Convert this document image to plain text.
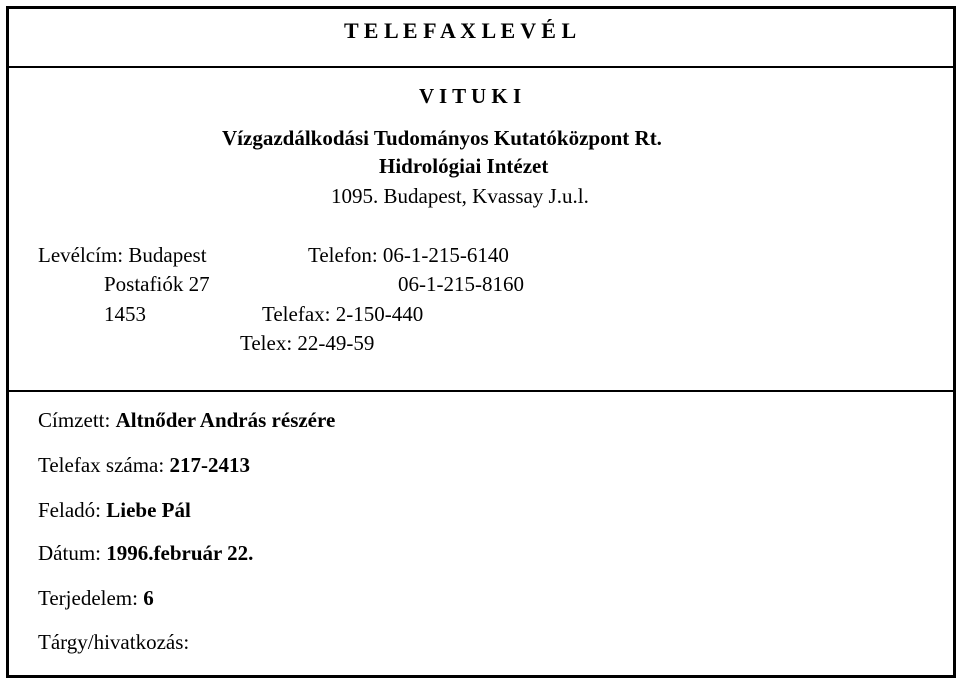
T E L E F A X L E V É L
V I T U K I
Vízgazdálkodási Tudományos Kutatóközpont Rt.
Hidrológiai Intézet
1095. Budapest, Kvassay J.u.l.
Levélcím: Budapest
Postafiók 27
1453
Telefon: 06-1-215-6140
06-1-215-8160
Telefax: 2-150-440
Telex: 22-49-59
Címzett: Altnőder András részére
Telefax száma: 217-2413
Feladó: Liebe Pál
Dátum: 1996.február 22.
Terjedelem: 6
Tárgy/hivatkozás:
